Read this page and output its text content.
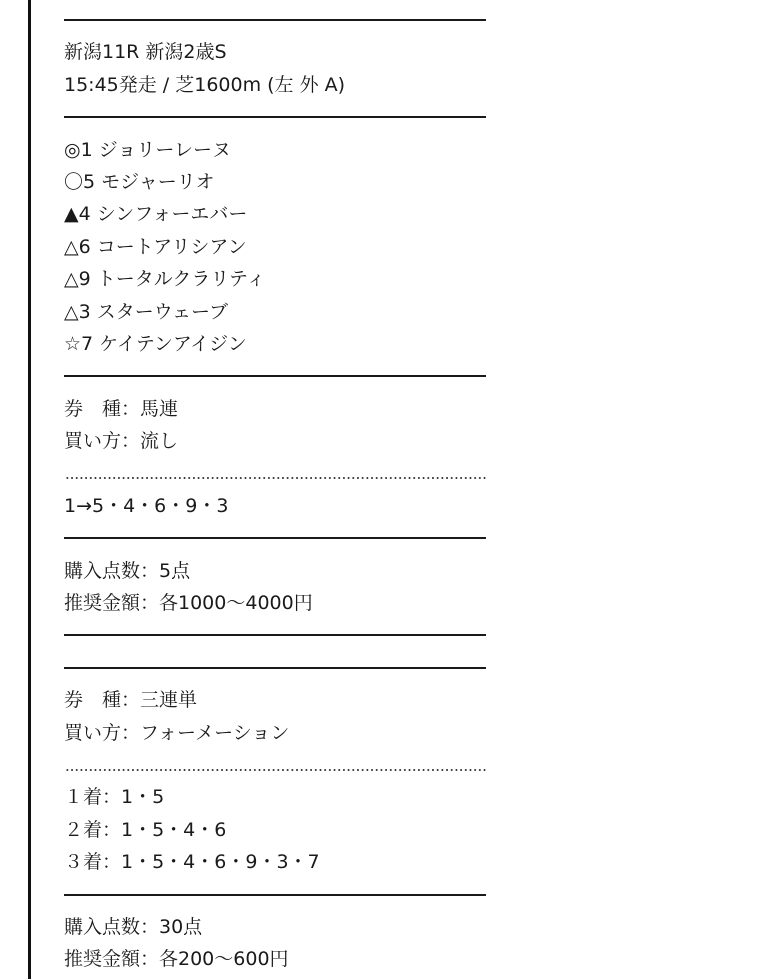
新潟11R 新潟2歳S
15:45発走 / 芝1600m (左 外 A)
◎1 ジョリーレーヌ
〇5 モジャーリオ
▲4 シンフォーエバー
△6 コートアリシアン
△9 トータルクラリティ
△3 スターウェーブ
☆7 ケイテンアイジン
券　種：馬連
買い方：流し
1→5・4・6・9・3
購入点数：5点
推奨金額：各1000～4000円
券　種：三連単
買い方：フォーメーション
１着：1・5
２着：1・5・4・6
３着：1・5・4・6・9・3・7
購入点数：30点
推奨金額：各200～600円
